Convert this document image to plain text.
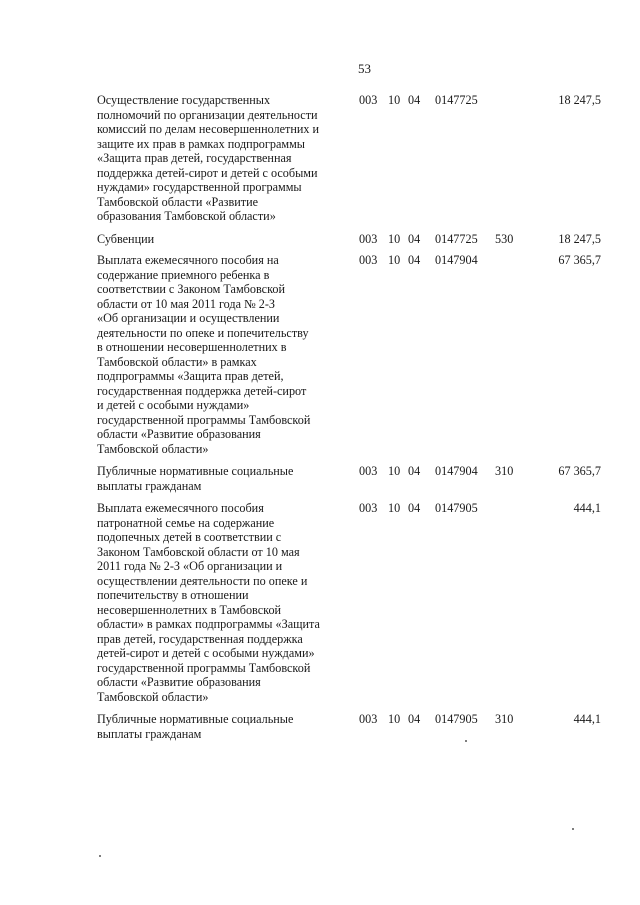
53
Осуществление государственных
полномочий по организации деятельности
комиссий по делам несовершеннолетних и
защите их прав в рамках подпрограммы
«Защита прав детей, государственная
поддержка детей-сирот и детей с особыми
нуждами» государственной программы
Тамбовской области «Развитие
образования Тамбовской области»
003 10 04 0147725	18 247,5
Субвенции	003 10 04 0147725 530	18 247,5
Выплата ежемесячного пособия на
содержание приемного ребенка в
соответствии с Законом Тамбовской
области от 10 мая 2011 года № 2-З
«Об организации и осуществлении
деятельности по опеке и попечительству
в отношении несовершеннолетних в
Тамбовской области» в рамках
подпрограммы «Защита прав детей,
государственная поддержка детей-сирот
и детей с особыми нуждами»
государственной программы Тамбовской
области «Развитие образования
Тамбовской области»
003 10 04 0147904	67 365,7
Публичные нормативные социальные
выплаты гражданам
003 10 04 0147904 310	67 365,7
Выплата ежемесячного пособия
патронатной семье на содержание
подопечных детей в соответствии с
Законом Тамбовской области от 10 мая
2011 года № 2-З «Об организации и
осуществлении деятельности по опеке и
попечительству в отношении
несовершеннолетних в Тамбовской
области» в рамках подпрограммы «Защита
прав детей, государственная поддержка
детей-сирот и детей с особыми нуждами»
государственной программы Тамбовской
области «Развитие образования
Тамбовской области»
003 10 04 0147905	444,1
Публичные нормативные социальные
выплаты гражданам
003 10 04 0147905 310	444,1
